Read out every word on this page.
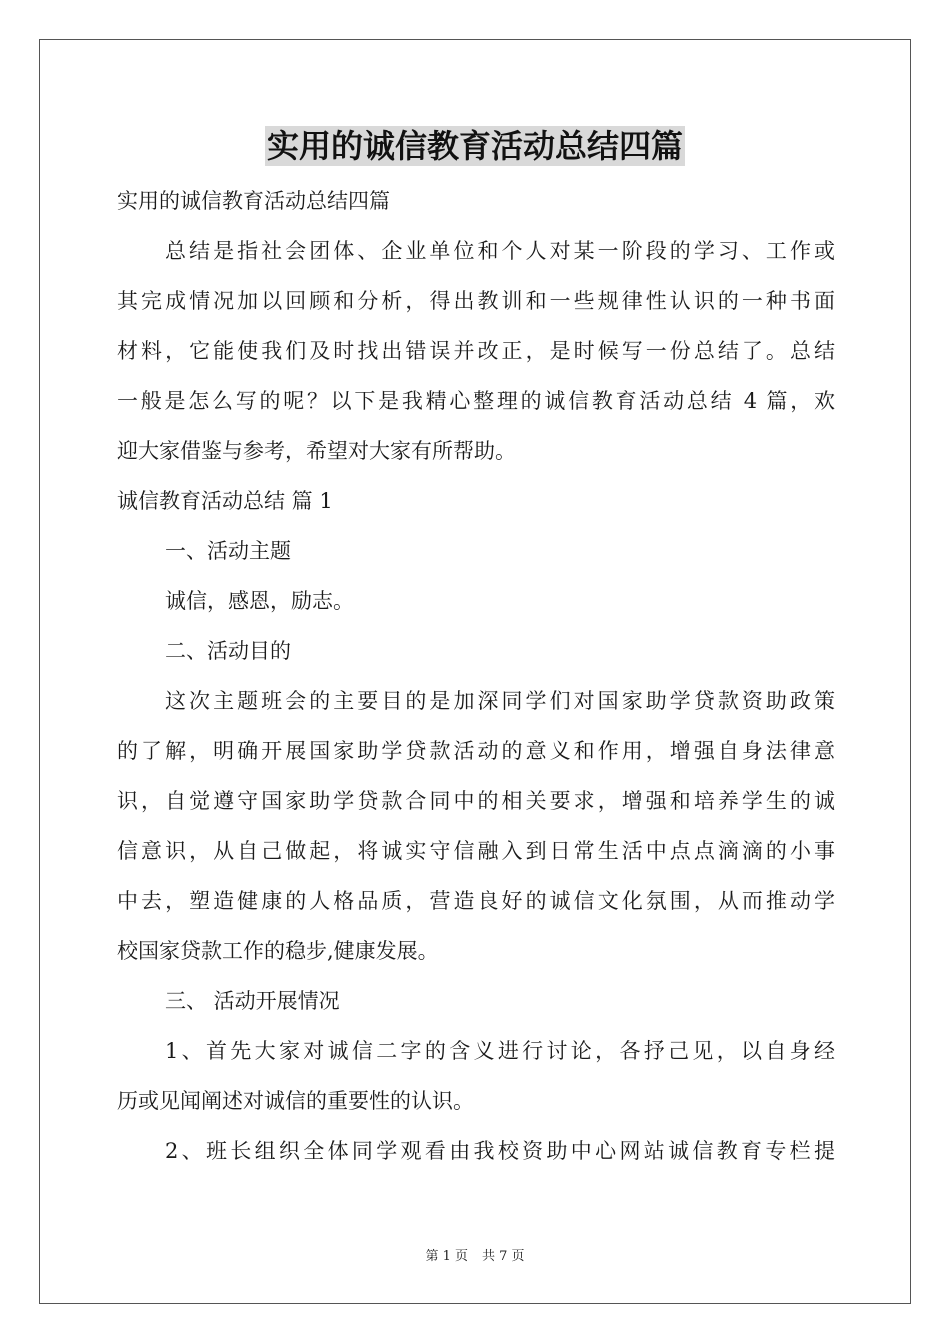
实用的诚信教育活动总结四篇
实用的诚信教育活动总结四篇
总结是指社会团体、企业单位和个人对某一阶段的学习、工作或
其完成情况加以回顾和分析，得出教训和一些规律性认识的一种书面
材料，它能使我们及时找出错误并改正，是时候写一份总结了。总结
一般是怎么写的呢？以下是我精心整理的诚信教育活动总结 4 篇，欢
迎大家借鉴与参考，希望对大家有所帮助。
诚信教育活动总结 篇 1
一、活动主题
诚信，感恩，励志。
二、活动目的
这次主题班会的主要目的是加深同学们对国家助学贷款资助政策
的了解，明确开展国家助学贷款活动的意义和作用，增强自身法律意
识，自觉遵守国家助学贷款合同中的相关要求，增强和培养学生的诚
信意识，从自己做起，将诚实守信融入到日常生活中点点滴滴的小事
中去，塑造健康的人格品质，营造良好的诚信文化氛围，从而推动学
校国家贷款工作的稳步,健康发展。
三、 活动开展情况
1、首先大家对诚信二字的含义进行讨论，各抒己见，以自身经
历或见闻阐述对诚信的重要性的认识。
2、班长组织全体同学观看由我校资助中心网站诚信教育专栏提
第 1 页 共 7 页
